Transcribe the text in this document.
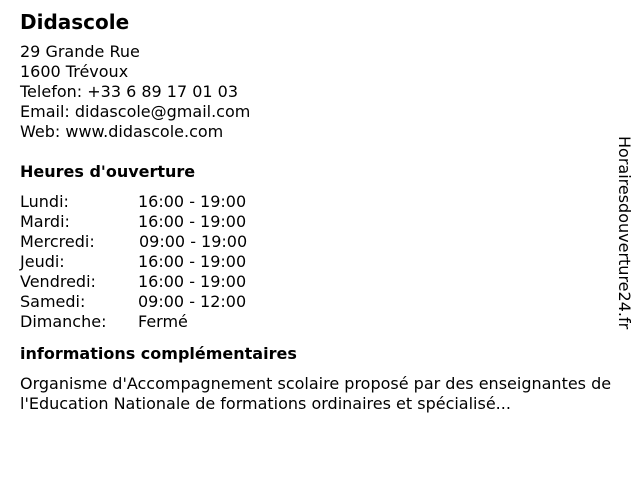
Didascole
29 Grande Rue
1600 Trévoux
Telefon: +33 6 89 17 01 03
Email: didascole@gmail.com
Web: www.didascole.com
Heures d'ouverture
Lundi:	16:00 - 19:00
Mardi:	16:00 - 19:00
Mercredi:	09:00 - 19:00
Jeudi:	16:00 - 19:00
Vendredi:	16:00 - 19:00
Samedi:	09:00 - 12:00
Dimanche:	Fermé
informations complémentaires
Organisme d'Accompagnement scolaire proposé par des enseignantes de l'Education Nationale de formations ordinaires et spécialisé...
Horairesdouverture24.fr
